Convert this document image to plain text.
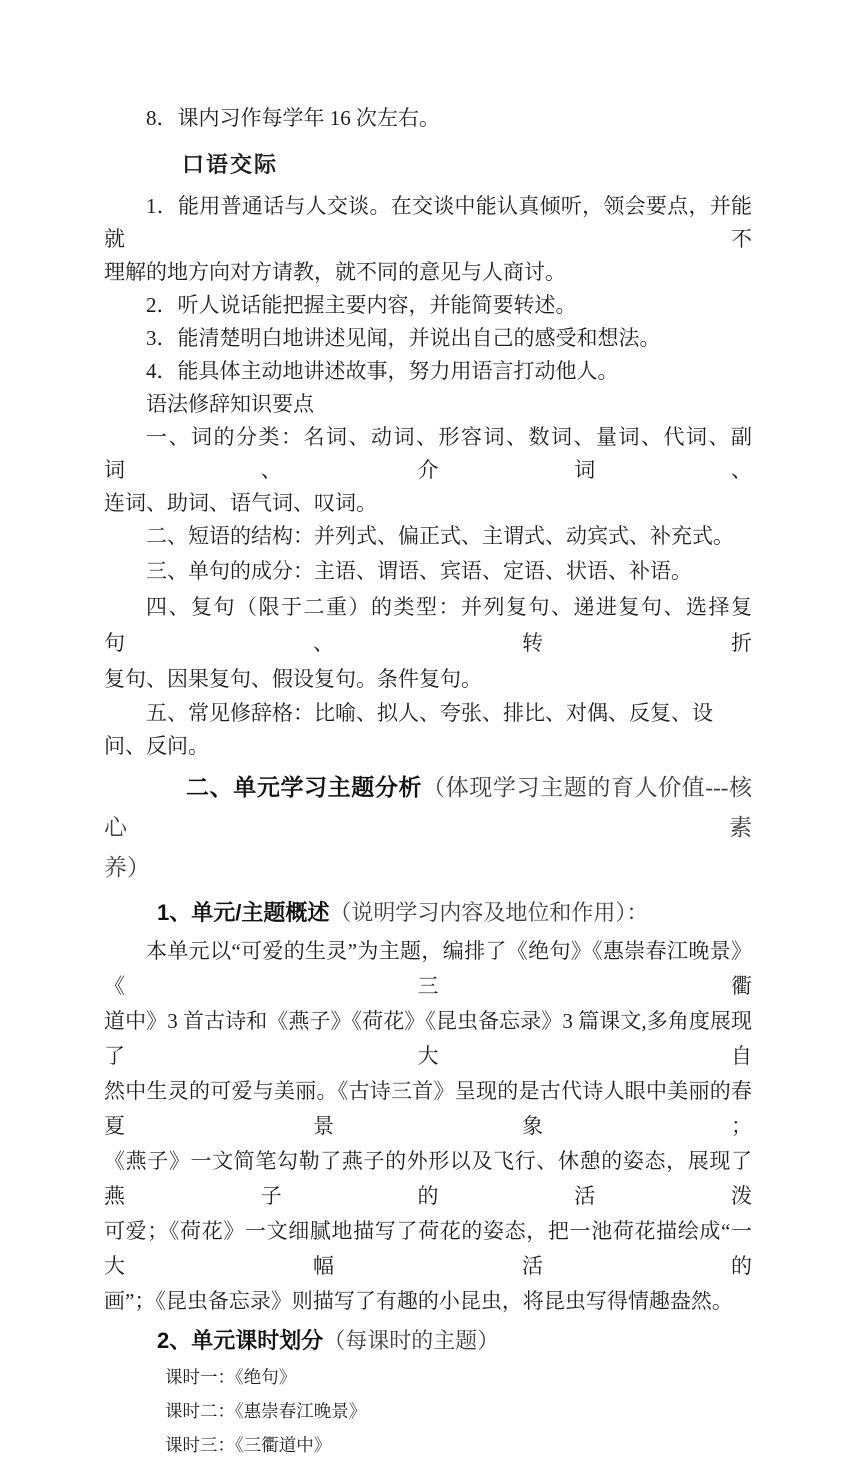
8．课内习作每学年 16 次左右。
口语交际
1．能用普通话与人交谈。在交谈中能认真倾听，领会要点，并能就不
理解的地方向对方请教，就不同的意见与人商讨。
2．听人说话能把握主要内容，并能简要转述。
3．能清楚明白地讲述见闻，并说出自己的感受和想法。
4．能具体主动地讲述故事，努力用语言打动他人。
语法修辞知识要点
一、词的分类：名词、动词、形容词、数词、量词、代词、副词、介词、
连词、助词、语气词、叹词。
二、短语的结构：并列式、偏正式、主谓式、动宾式、补充式。
三、单句的成分：主语、谓语、宾语、定语、状语、补语。
四、复句（限于二重）的类型：并列复句、递进复句、选择复句、转折
复句、因果复句、假设复句。条件复句。
五、常见修辞格：比喻、拟人、夸张、排比、对偶、反复、设问、反问。
二、单元学习主题分析（体现学习主题的育人价值---核心素
养）
1、单元/主题概述（说明学习内容及地位和作用）：
本单元以“可爱的生灵”为主题，编排了《绝句》《惠崇春江晚景》《三衢
道中》3 首古诗和《燕子》《荷花》《昆虫备忘录》3 篇课文,多角度展现了大自
然中生灵的可爱与美丽。《古诗三首》呈现的是古代诗人眼中美丽的春夏景象；
《燕子》一文简笔勾勒了燕子的外形以及飞行、休憩的姿态，展现了燕子的活泼
可爱；《荷花》一文细腻地描写了荷花的姿态，把一池荷花描绘成“一大幅活的
画”；《昆虫备忘录》则描写了有趣的小昆虫，将昆虫写得情趣盎然。
2、单元课时划分（每课时的主题）
课时一：《绝句》
课时二：《惠崇春江晚景》
课时三：《三衢道中》
